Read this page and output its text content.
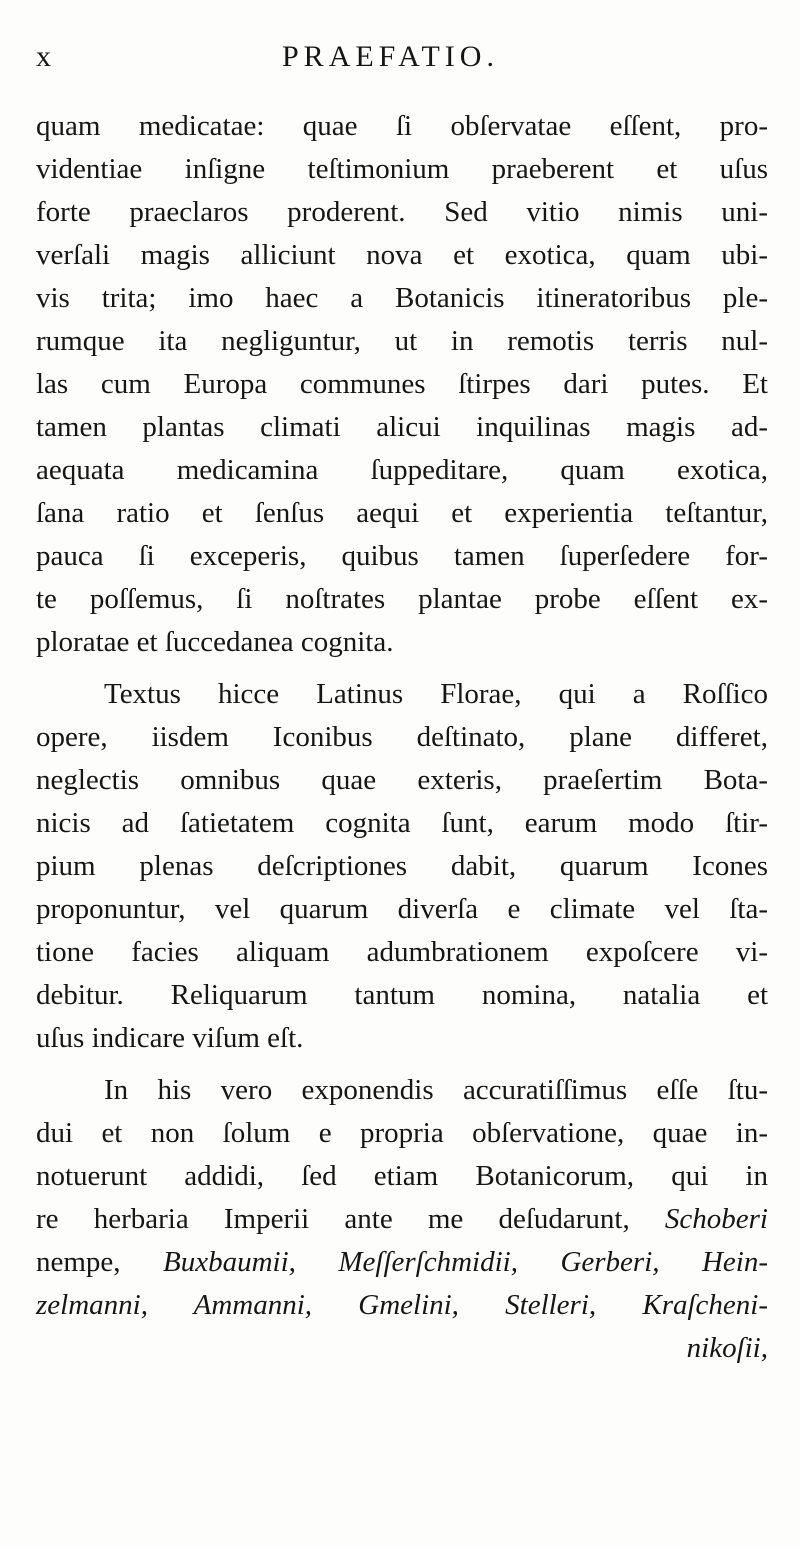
x	PRAEFATIO.
quam medicatae: quae ſi obſervatae eſſent, pro-
videntiae inſigne teſtimonium praeberent et uſus
forte praeclaros proderent. Sed vitio nimis uni-
verſali magis alliciunt nova et exotica, quam ubi-
vis trita; imo haec a Botanicis itineratoribus ple-
rumque ita negliguntur, ut in remotis terris nul-
las cum Europa communes ſtirpes dari putes. Et
tamen plantas climati alicui inquilinas magis ad-
aequata medicamina ſuppeditare, quam exotica,
ſana ratio et ſenſus aequi et experientia teſtantur,
pauca ſi exceperis, quibus tamen ſuperſedere for-
te poſſemus, ſi noſtrates plantae probe eſſent ex-
ploratae et ſuccedanea cognita.
Textus hicce Latinus Florae, qui a Roſſico
opere, iisdem Iconibus deſtinato, plane differet,
neglectis omnibus quae exteris, praeſertim Bota-
nicis ad ſatietatem cognita ſunt, earum modo ſtir-
pium plenas deſcriptiones dabit, quarum Icones
proponuntur, vel quarum diverſa e climate vel ſta-
tione facies aliquam adumbrationem expoſcere vi-
debitur. Reliquarum tantum nomina, natalia et
uſus indicare viſum eſt.
In his vero exponendis accuratiſſimus eſſe ſtu-
dui et non ſolum e propria obſervatione, quae in-
notuerunt addidi, ſed etiam Botanicorum, qui in
re herbaria Imperii ante me deſudarunt, Schoberi
nempe, Buxbaumii, Meſſerſchmidii, Gerberi, Hein-
zelmanni, Ammanni, Gmelini, Stelleri, Kraſcheni-
nikoſii,
